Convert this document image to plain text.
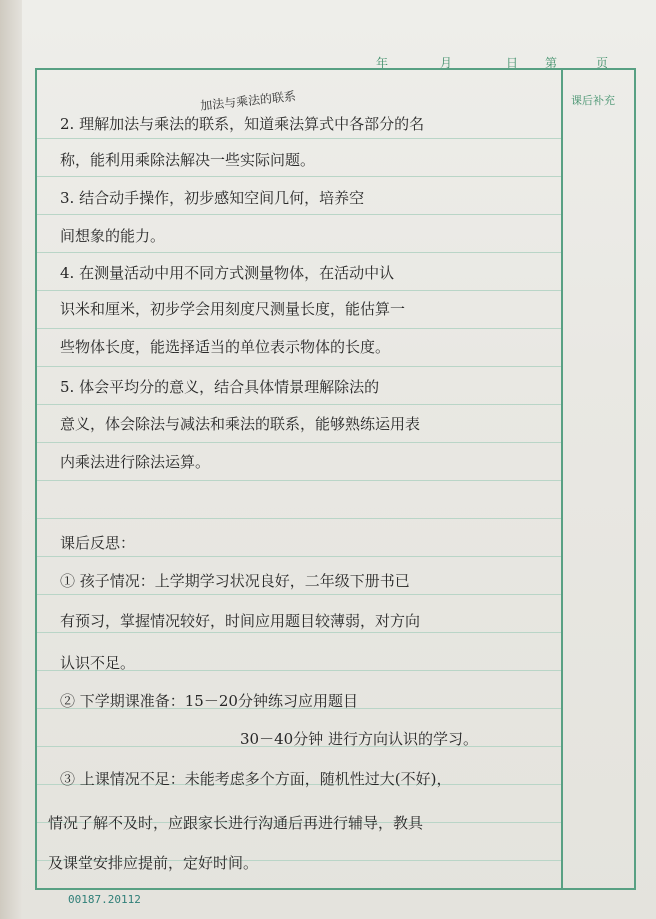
年	月	日 第	页
课后补充
加法与乘法的联系
2. 理解加法与乘法的联系，知道乘法算式中各部分的名
称，能利用乘除法解决一些实际问题。
3. 结合动手操作，初步感知空间几何，培养空
间想象的能力。
4. 在测量活动中用不同方式测量物体，在活动中认
识米和厘米，初步学会用刻度尺测量长度，能估算一
些物体长度，能选择适当的单位表示物体的长度。
5. 体会平均分的意义，结合具体情景理解除法的
意义，体会除法与减法和乘法的联系，能够熟练运用表
内乘法进行除法运算。
课后反思：
① 孩子情况：上学期学习状况良好，二年级下册书已
有预习，掌握情况较好，时间应用题目较薄弱，对方向
认识不足。
② 下学期课准备：15－20分钟练习应用题目
30－40分钟 进行方向认识的学习。
③ 上课情况不足：未能考虑多个方面，随机性过大(不好)，
情况了解不及时，应跟家长进行沟通后再进行辅导，教具
及课堂安排应提前，定好时间。
00187.20112
